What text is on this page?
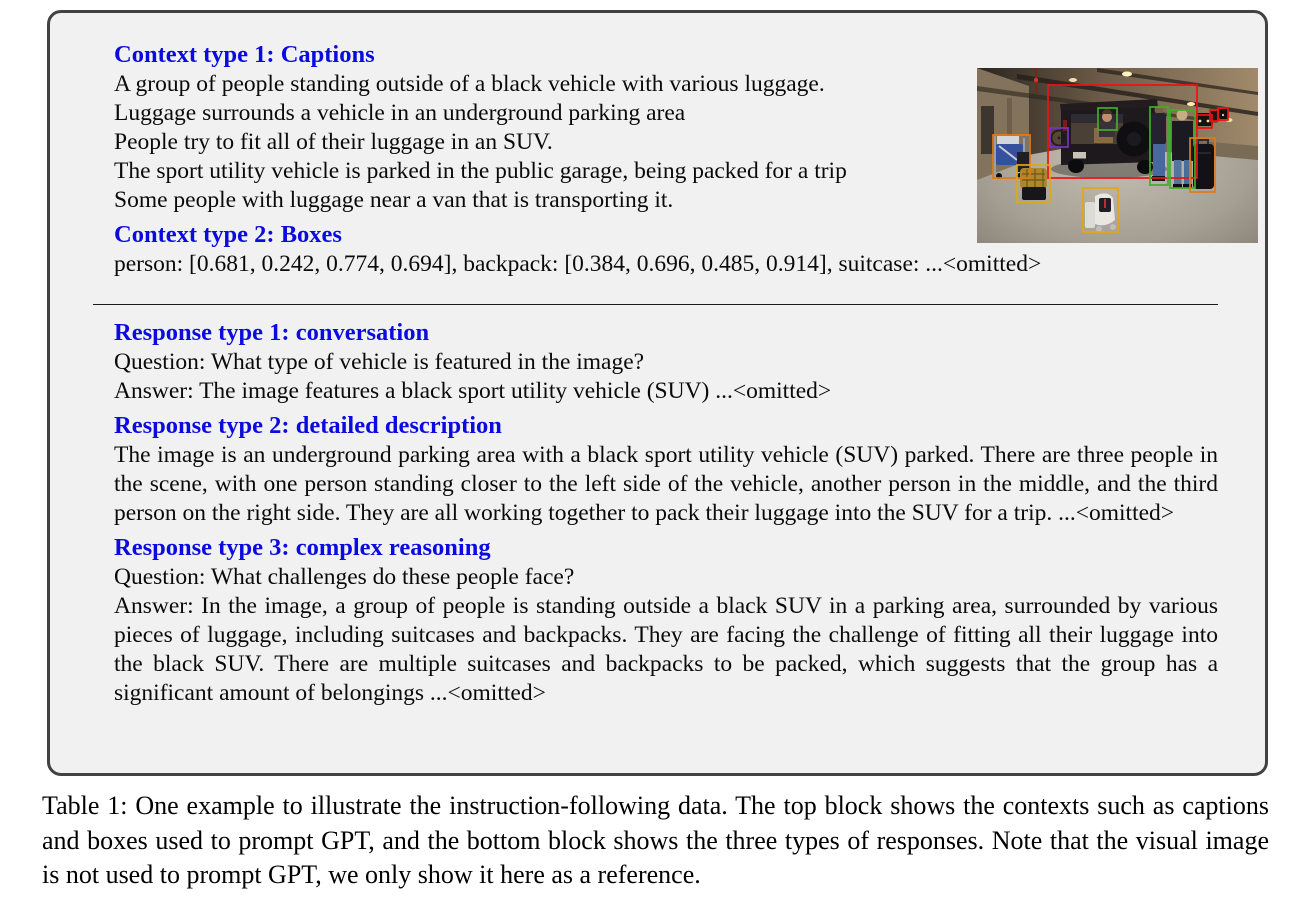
Context type 1: Captions
A group of people standing outside of a black vehicle with various luggage.
Luggage surrounds a vehicle in an underground parking area
People try to fit all of their luggage in an SUV.
The sport utility vehicle is parked in the public garage, being packed for a trip
Some people with luggage near a van that is transporting it.
Context type 2: Boxes
person: [0.681, 0.242, 0.774, 0.694], backpack: [0.384, 0.696, 0.485, 0.914], suitcase: ...<omitted>
Response type 1: conversation
Question: What type of vehicle is featured in the image?
Answer: The image features a black sport utility vehicle (SUV) ...<omitted>
Response type 2: detailed description
The image is an underground parking area with a black sport utility vehicle (SUV) parked. There are three people in the scene, with one person standing closer to the left side of the vehicle, another person in the middle, and the third person on the right side. They are all working together to pack their luggage into the SUV for a trip. ...<omitted>
Response type 3: complex reasoning
Question: What challenges do these people face?
Answer: In the image, a group of people is standing outside a black SUV in a parking area, surrounded by various pieces of luggage, including suitcases and backpacks. They are facing the challenge of fitting all their luggage into the black SUV. There are multiple suitcases and backpacks to be packed, which suggests that the group has a significant amount of belongings ...<omitted>
Table 1: One example to illustrate the instruction-following data. The top block shows the contexts such as captions and boxes used to prompt GPT, and the bottom block shows the three types of responses. Note that the visual image is not used to prompt GPT, we only show it here as a reference.
